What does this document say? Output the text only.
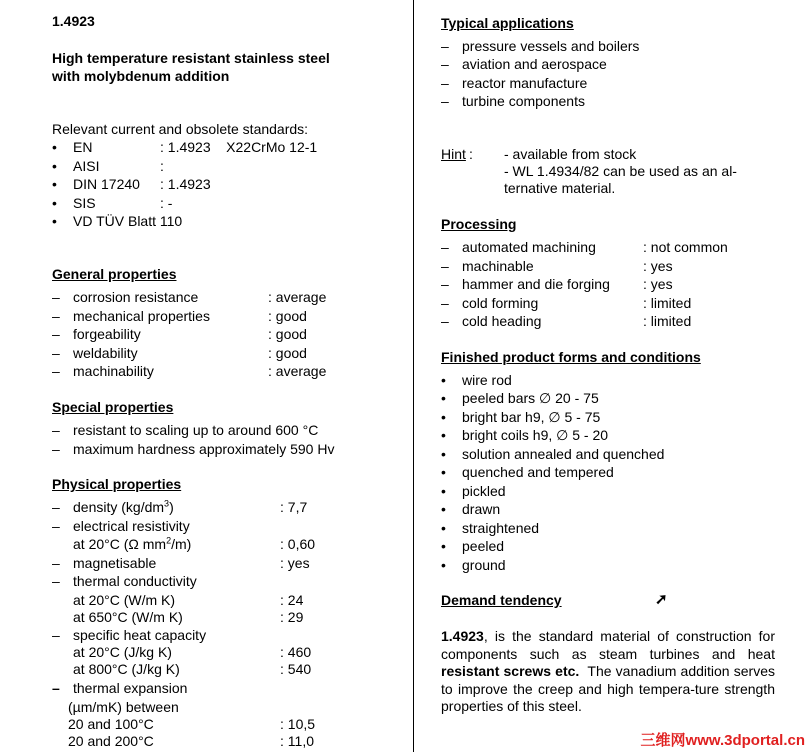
1.4923
High temperature resistant stainless steel
with molybdenum addition
Relevant current and obsolete standards:
• EN	: 1.4923    X22CrMo 12-1
• AISI	:
• DIN 17240 : 1.4923
• SIS	: -
• VD TÜV Blatt 110
General properties
– corrosion resistance	: average
– mechanical properties	: good
– forgeability	: good
– weldability	: good
– machinability	: average
Special properties
– resistant to scaling up to around 600 °C
– maximum hardness approximately 590 Hv
Physical properties
– density $(kg/dm^3)$	: 7,7
– electrical resistivity
at 20°C (Ω $mm^2/m$)	: 0,60
– magnetisable	: yes
– thermal conductivity
at 20°C (W/m K)	: 24
at 650°C (W/m K)	: 29
– specific heat capacity
at 20°C (J/kg K)	: 460
at 800°C (J/kg K)	: 540
– thermal expansion
(µm/mK) between
20 and 100°C	: 10,5
20 and 200°C	: 11,0
Typical applications
– pressure vessels and boilers
– aviation and aerospace
– reactor manufacture
– turbine components
Hint : - available from stock
- WL 1.4934/82 can be used as an al-
ternative material.
Processing
– automated machining	: not common
– machinable	: yes
– hammer and die forging : yes
– cold forming	: limited
– cold heading	: limited
Finished product forms and conditions
• wire rod
• peeled bars ∅ 20 - 75
• bright bar h9, ∅ 5 - 75
• bright coils h9, ∅ 5 - 20
• solution annealed and quenched
• quenched and tempered
• pickled
• drawn
• straightened
• peeled
• ground
Demand tendency	➚
1.4923, is the standard material of construction for components such as steam turbines and heat resistant screws etc.  The vanadium addition serves to improve the creep and high tempera-ture strength properties of this steel.
三维网www.3dportal.cn
